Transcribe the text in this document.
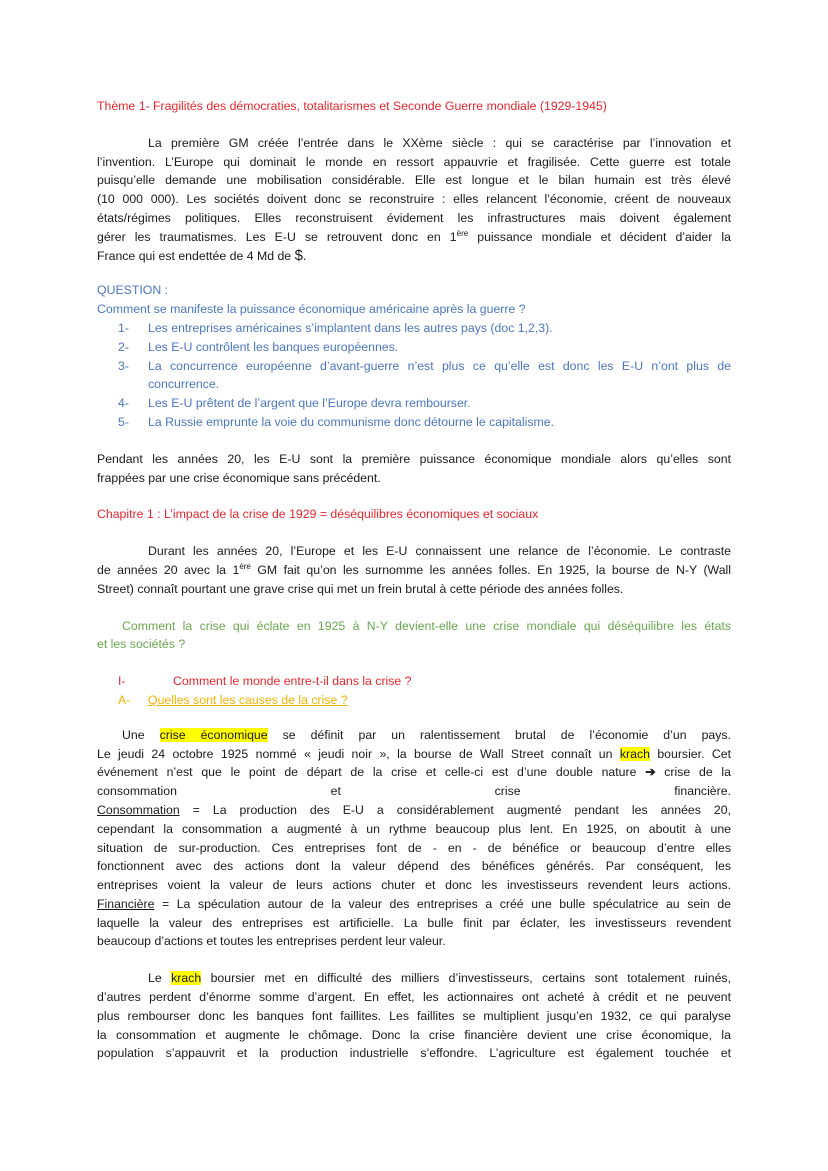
Thème 1- Fragilités des démocraties, totalitarismes et Seconde Guerre mondiale (1929-1945)
La première GM créée l’entrée dans le XXème siècle : qui se caractérise par l’innovation et
l’invention. L’Europe qui dominait le monde en ressort appauvrie et fragilisée. Cette guerre est totale
puisqu’elle demande une mobilisation considérable. Elle est longue et le bilan humain est très élevé
(10 000 000). Les sociétés doivent donc se reconstruire : elles relancent l’économie, créent de nouveaux
états/régimes politiques. Elles reconstruisent évidement les infrastructures mais doivent également
gérer les traumatismes. Les E-U se retrouvent donc en 1ère puissance mondiale et décident d’aider la
France qui est endettée de 4 Md de $.
QUESTION :
Comment se manifeste la puissance économique américaine après la guerre ?
1-	Les entreprises américaines s’implantent dans les autres pays (doc 1,2,3).
2-	Les E-U contrôlent les banques européennes.
3-	La concurrence européenne d’avant-guerre n’est plus ce qu’elle est donc les E-U n’ont plus de
concurrence.
4-	Les E-U prêtent de l’argent que l’Europe devra rembourser.
5-	La Russie emprunte la voie du communisme donc détourne le capitalisme.
Pendant les années 20, les E-U sont la première puissance économique mondiale alors qu’elles sont
frappées par une crise économique sans précédent.
Chapitre 1 : L’impact de la crise de 1929 = déséquilibres économiques et sociaux
Durant les années 20, l’Europe et les E-U connaissent une relance de l’économie. Le contraste
de années 20 avec la 1ère GM fait qu’on les surnomme les années folles. En 1925, la bourse de N-Y (Wall
Street) connaît pourtant une grave crise qui met un frein brutal à cette période des années folles.
Comment la crise qui éclate en 1925 à N-Y devient-elle une crise mondiale qui déséquilibre les états
et les sociétés ?
I-	Comment le monde entre-t-il dans la crise ?
A-	Quelles sont les causes de la crise ?
Une crise économique se définit par un ralentissement brutal de l’économie d’un pays.
Le jeudi 24 octobre 1925 nommé « jeudi noir », la bourse de Wall Street connaît un krach boursier. Cet
événement n’est que le point de départ de la crise et celle-ci est d’une double nature ➔ crise de la
consommation et crise financière.
Consommation = La production des E-U a considérablement augmenté pendant les années 20,
cependant la consommation a augmenté à un rythme beaucoup plus lent. En 1925, on aboutit à une
situation de sur-production. Ces entreprises font de - en - de bénéfice or beaucoup d’entre elles
fonctionnent avec des actions dont la valeur dépend des bénéfices générés. Par conséquent, les
entreprises voient la valeur de leurs actions chuter et donc les investisseurs revendent leurs actions.
Financière = La spéculation autour de la valeur des entreprises a créé une bulle spéculatrice au sein de
laquelle la valeur des entreprises est artificielle. La bulle finit par éclater, les investisseurs revendent
beaucoup d’actions et toutes les entreprises perdent leur valeur.
Le krach boursier met en difficulté des milliers d’investisseurs, certains sont totalement ruinés,
d’autres perdent d’énorme somme d’argent. En effet, les actionnaires ont acheté à crédit et ne peuvent
plus rembourser donc les banques font faillites. Les faillites se multiplient jusqu’en 1932, ce qui paralyse
la consommation et augmente le chômage. Donc la crise financière devient une crise économique, la
population s’appauvrit et la production industrielle s’effondre. L’agriculture est également touchée et
